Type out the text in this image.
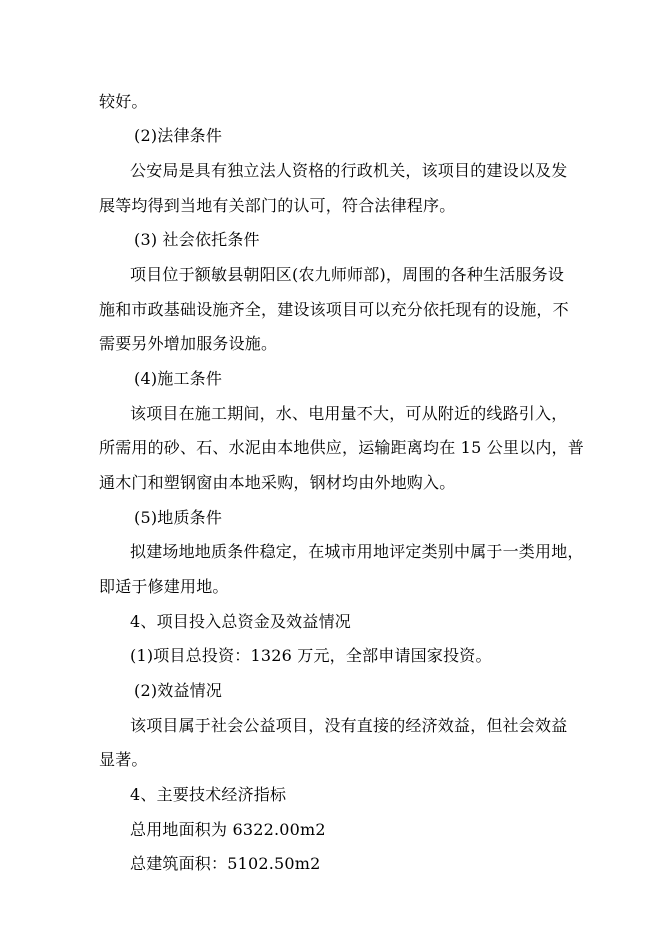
较好。
(2)法律条件
公安局是具有独立法人资格的行政机关，该项目的建设以及发
展等均得到当地有关部门的认可，符合法律程序。
(3) 社会依托条件
项目位于额敏县朝阳区(农九师师部)，周围的各种生活服务设
施和市政基础设施齐全，建设该项目可以充分依托现有的设施，不
需要另外增加服务设施。
(4)施工条件
该项目在施工期间，水、电用量不大，可从附近的线路引入，
所需用的砂、石、水泥由本地供应，运输距离均在 15 公里以内，普
通木门和塑钢窗由本地采购，钢材均由外地购入。
(5)地质条件
拟建场地地质条件稳定，在城市用地评定类别中属于一类用地，
即适于修建用地。
4、项目投入总资金及效益情况
(1)项目总投资：1326 万元，全部申请国家投资。
(2)效益情况
该项目属于社会公益项目，没有直接的经济效益，但社会效益
显著。
4、主要技术经济指标
总用地面积为 6322.00m2
总建筑面积：5102.50m2
